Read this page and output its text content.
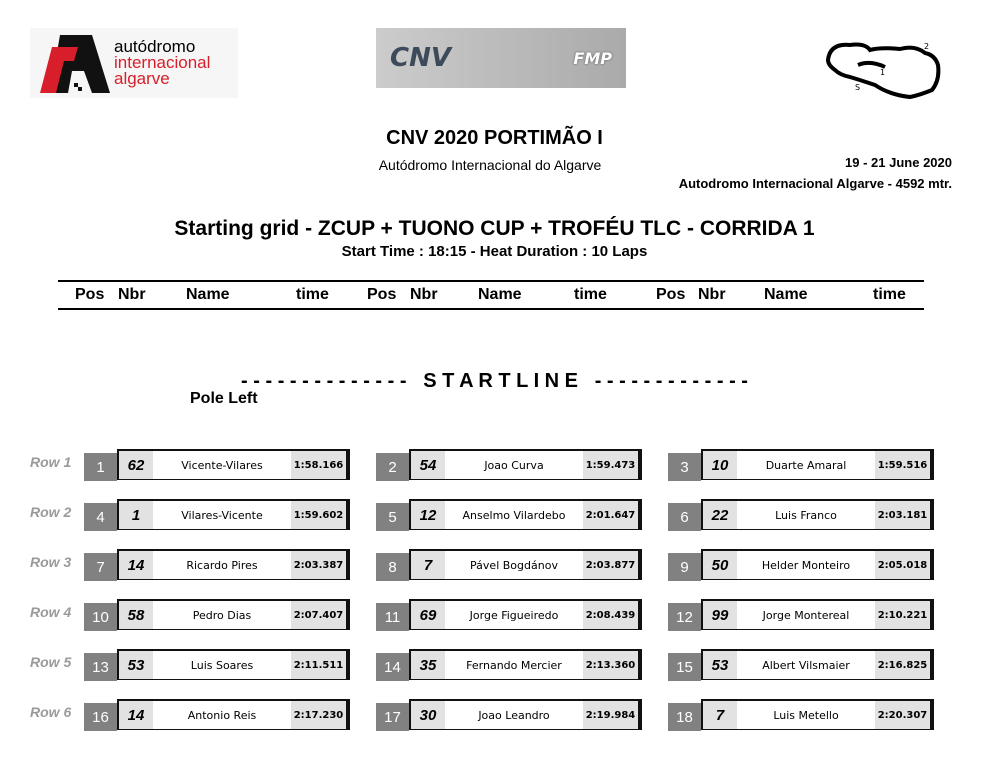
autódromo
internacional
algarve
CNV	FMP
S
1
2
CNV 2020 PORTIMÃO I
Autódromo Internacional do Algarve	19 - 21 June 2020
Autodromo Internacional Algarve - 4592 mtr.
Starting grid - ZCUP + TUONO CUP + TROFÉU TLC - CORRIDA 1
Start Time : 18:15 - Heat Duration : 10 Laps
Pos Nbr	Name	time Pos Nbr	Name	time	Pos Nbr Name	time
- - - - - - - - - - - - - -   S T A R T L I N E   - - - - - - - - - - - - -
Pole Left
Row 1	1	62	Vicente-Vilares	1:58.166	2	54	Joao Curva	1:59.473	3	10	Duarte Amaral	1:59.516
Row 2	4	1	Vilares-Vicente	1:59.602	5	12	Anselmo Vilardebo	2:01.647	6	22	Luis Franco	2:03.181
Row 3	7	14	Ricardo Pires	2:03.387	8	7	Pável Bogdánov	2:03.877	9	50	Helder Monteiro	2:05.018
Row 4	10	58	Pedro Dias	2:07.407	11	69	Jorge Figueiredo	2:08.439	12	99	Jorge Montereal	2:10.221
Row 5	13	53	Luis Soares	2:11.511	14	35	Fernando Mercier	2:13.360	15	53	Albert Vilsmaier	2:16.825
Row 6	16	14	Antonio Reis	2:17.230	17	30	Joao Leandro	2:19.984	18	7	Luis Metello	2:20.307
